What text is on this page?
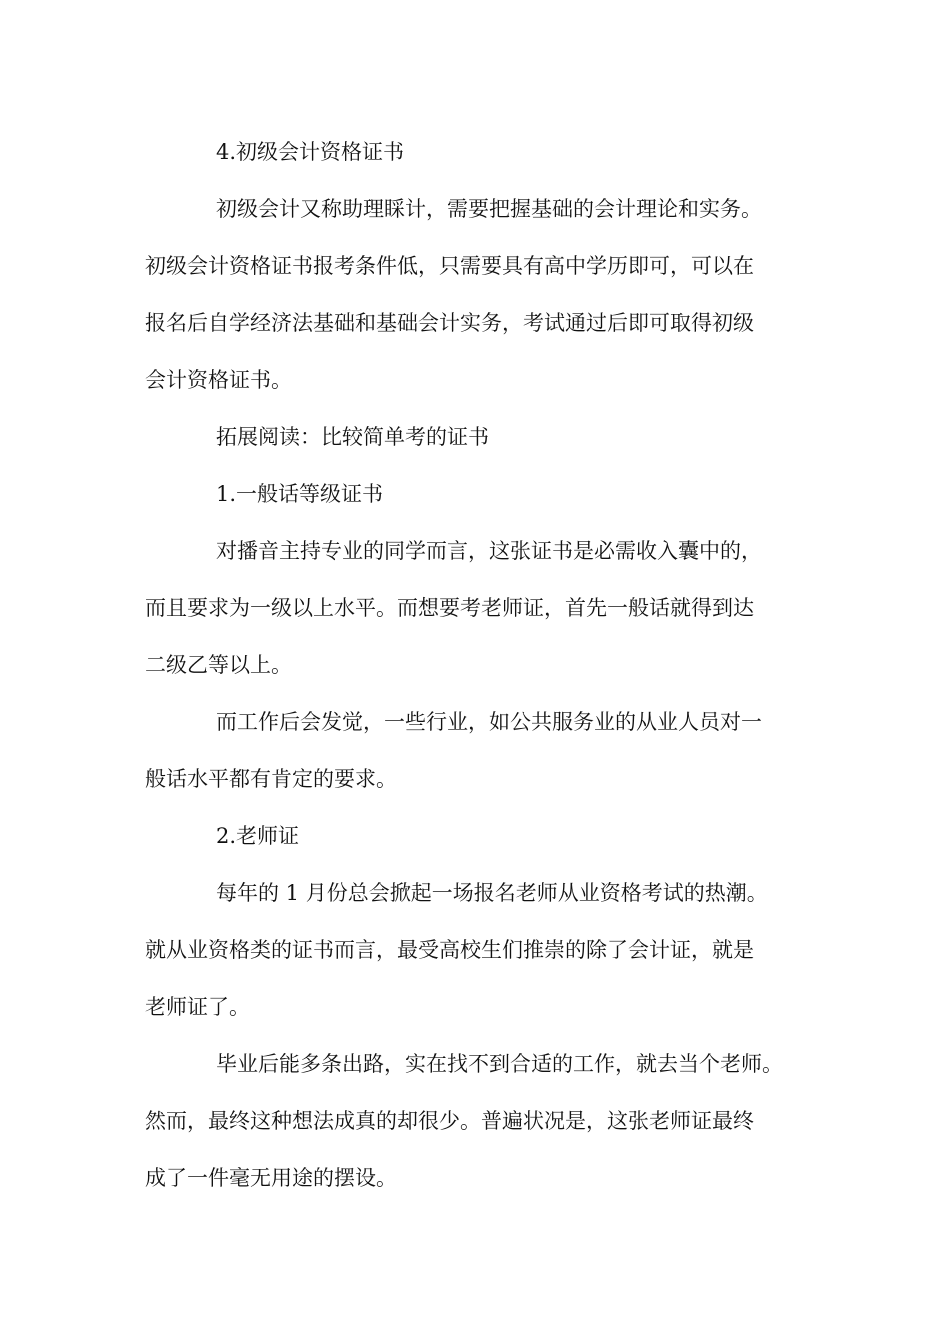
4.初级会计资格证书
初级会计又称助理睬计，需要把握基础的会计理论和实务。
初级会计资格证书报考条件低，只需要具有高中学历即可，可以在
报名后自学经济法基础和基础会计实务，考试通过后即可取得初级
会计资格证书。
拓展阅读：比较简单考的证书
1.一般话等级证书
对播音主持专业的同学而言，这张证书是必需收入囊中的，
而且要求为一级以上水平。而想要考老师证，首先一般话就得到达
二级乙等以上。
而工作后会发觉，一些行业，如公共服务业的从业人员对一
般话水平都有肯定的要求。
2.老师证
每年的 1 月份总会掀起一场报名老师从业资格考试的热潮。
就从业资格类的证书而言，最受高校生们推崇的除了会计证，就是
老师证了。
毕业后能多条出路，实在找不到合适的工作，就去当个老师。
然而，最终这种想法成真的却很少。普遍状况是，这张老师证最终
成了一件毫无用途的摆设。
